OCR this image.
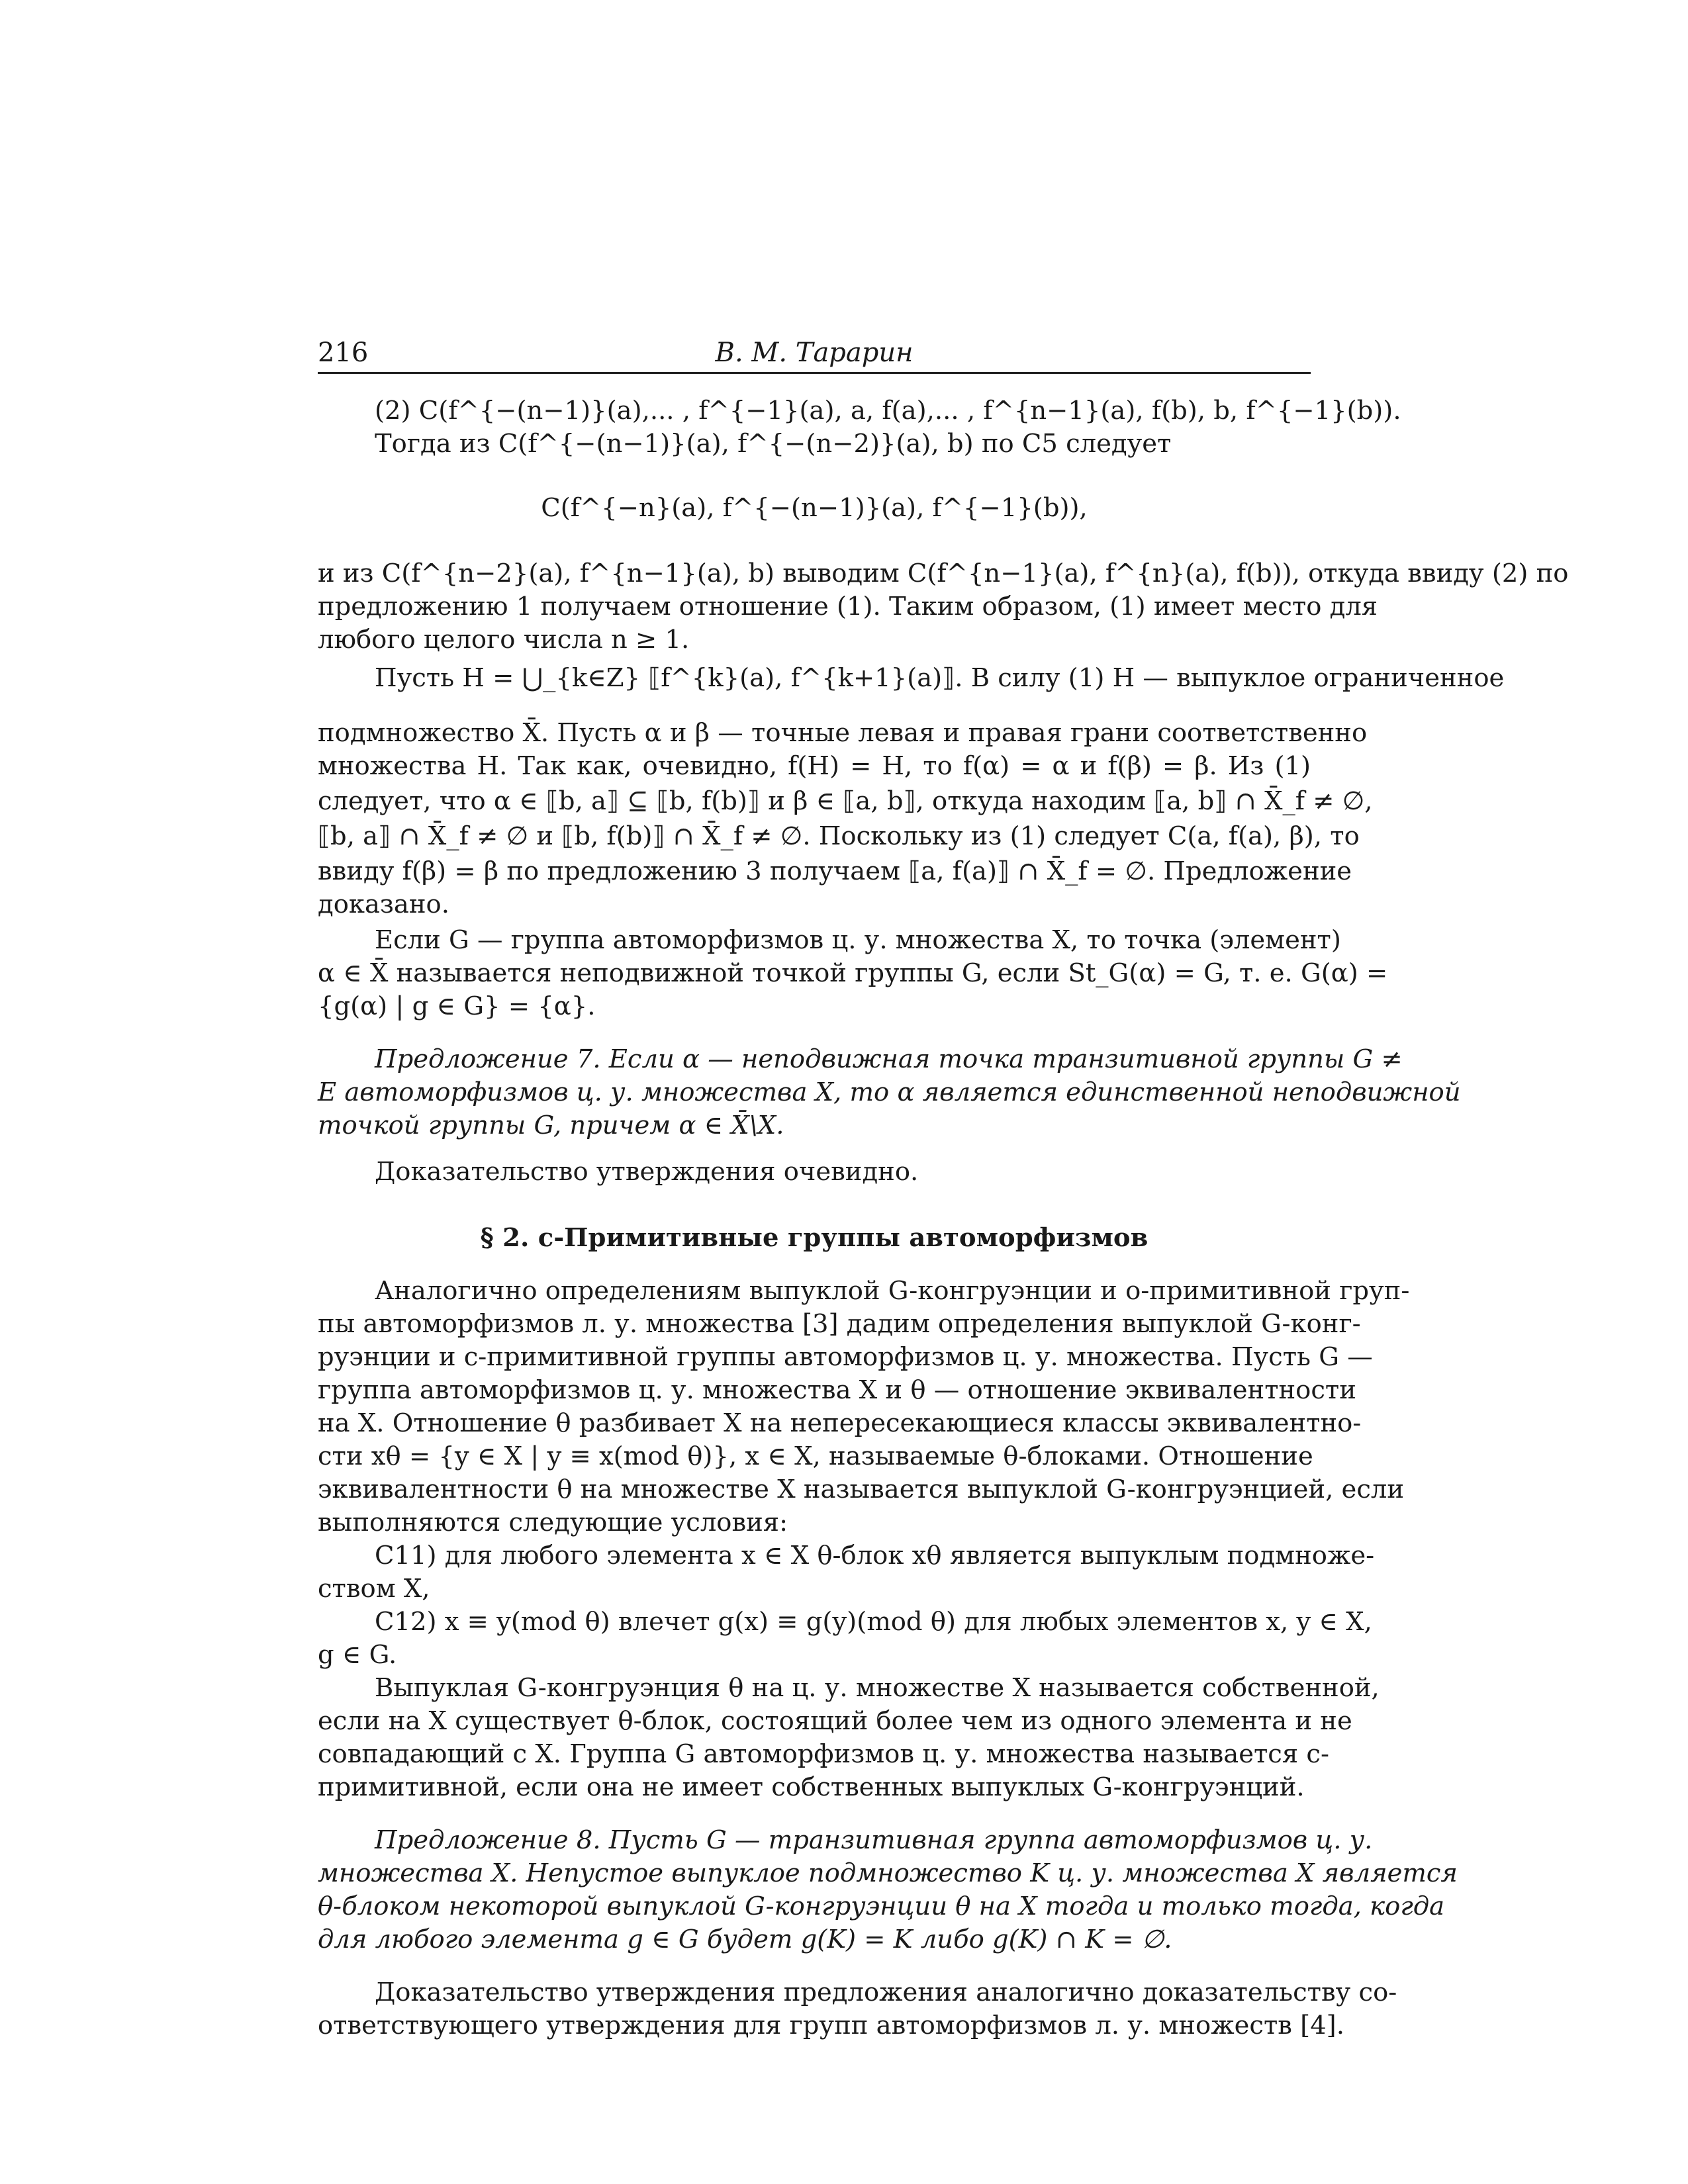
216	В. М. Тарарин
(2) C(f^{−(n−1)}(a),... , f^{−1}(a), a, f(a),... , f^{n−1}(a), f(b), b, f^{−1}(b)).
Тогда из C(f^{−(n−1)}(a), f^{−(n−2)}(a), b) по C5 следует
C(f^{−n}(a), f^{−(n−1)}(a), f^{−1}(b)),
и из C(f^{n−2}(a), f^{n−1}(a), b) выводим C(f^{n−1}(a), f^{n}(a), f(b)), откуда ввиду (2) по
предложению 1 получаем отношение (1). Таким образом, (1) имеет место для
любого целого числа n ≥ 1.
Пусть H = ⋃_{k∈Z} ⟦f^{k}(a), f^{k+1}(a)⟧. В силу (1) H — выпуклое ограниченное
подмножество X̄. Пусть α и β — точные левая и правая грани соответственно
множества H. Так как, очевидно, f(H) = H, то f(α) = α и f(β) = β. Из (1)
следует, что α ∈ ⟦b, a⟧ ⊆ ⟦b, f(b)⟧ и β ∈ ⟦a, b⟧, откуда находим ⟦a, b⟧ ∩ X̄_f ≠ ∅,
⟦b, a⟧ ∩ X̄_f ≠ ∅ и ⟦b, f(b)⟧ ∩ X̄_f ≠ ∅. Поскольку из (1) следует C(a, f(a), β), то
ввиду f(β) = β по предложению 3 получаем ⟦a, f(a)⟧ ∩ X̄_f = ∅. Предложение
доказано.
Если G — группа автоморфизмов ц. у. множества X, то точка (элемент)
α ∈ X̄ называется неподвижной точкой группы G, если St_G(α) = G, т. е. G(α) =
{g(α) | g ∈ G} = {α}.
Предложение 7. Если α — неподвижная точка транзитивной группы G ≠
E автоморфизмов ц. у. множества X, то α является единственной неподвижной
точкой группы G, причем α ∈ X̄\X.
Доказательство утверждения очевидно.
§ 2. c-Примитивные группы автоморфизмов
Аналогично определениям выпуклой G-конгруэнции и o-примитивной груп-
пы автоморфизмов л. у. множества [3] дадим определения выпуклой G-конг-
руэнции и c-примитивной группы автоморфизмов ц. у. множества. Пусть G —
группа автоморфизмов ц. у. множества X и θ — отношение эквивалентности
на X. Отношение θ разбивает X на непересекающиеся классы эквивалентно-
сти xθ = {y ∈ X | y ≡ x(mod θ)}, x ∈ X, называемые θ-блоками. Отношение
эквивалентности θ на множестве X называется выпуклой G-конгруэнцией, если
выполняются следующие условия:
C11) для любого элемента x ∈ X θ-блок xθ является выпуклым подмноже-
ством X,
C12) x ≡ y(mod θ) влечет g(x) ≡ g(y)(mod θ) для любых элементов x, y ∈ X,
g ∈ G.
Выпуклая G-конгруэнция θ на ц. у. множестве X называется собственной,
если на X существует θ-блок, состоящий более чем из одного элемента и не
совпадающий с X. Группа G автоморфизмов ц. у. множества называется c-
примитивной, если она не имеет собственных выпуклых G-конгруэнций.
Предложение 8. Пусть G — транзитивная группа автоморфизмов ц. у.
множества X. Непустое выпуклое подмножество K ц. у. множества X является
θ-блоком некоторой выпуклой G-конгруэнции θ на X тогда и только тогда, когда
для любого элемента g ∈ G будет g(K) = K либо g(K) ∩ K = ∅.
Доказательство утверждения предложения аналогично доказательству со-
ответствующего утверждения для групп автоморфизмов л. у. множеств [4].
